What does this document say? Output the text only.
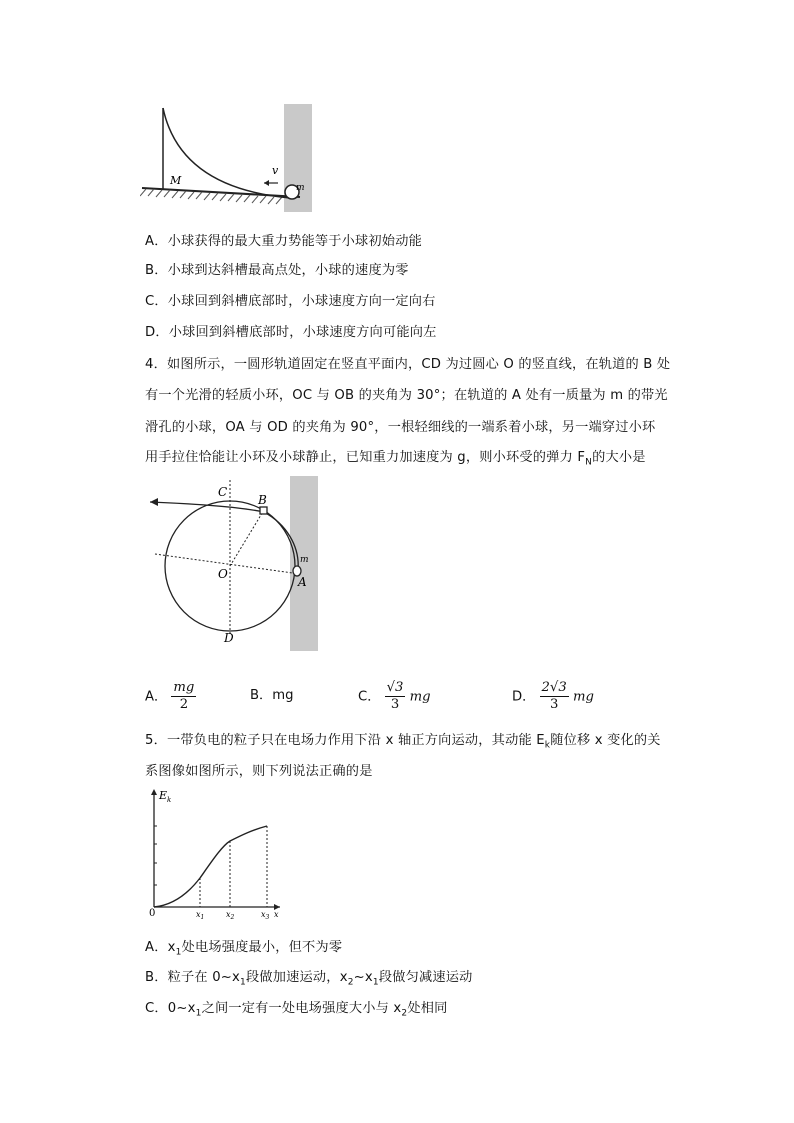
M
v
m
A．小球获得的最大重力势能等于小球初始动能
B．小球到达斜槽最高点处，小球的速度为零
C．小球回到斜槽底部时，小球速度方向一定向右
D．小球回到斜槽底部时，小球速度方向可能向左
4．如图所示，一圆形轨道固定在竖直平面内，CD 为过圆心 O 的竖直线，在轨道的 B 处
有一个光滑的轻质小环，OC 与 OB 的夹角为 30°；在轨道的 A 处有一质量为 m 的带光
滑孔的小球，OA 与 OD 的夹角为 90°，一根轻细线的一端系着小球，另一端穿过小环
用手拉住恰能让小环及小球静止，已知重力加速度为 g，则小环受的弹力 $F_N$的大小是
C
B
O
A
D
m
A． $\frac{mg}{2}$	B．mg	C． $\frac{√3}{3}$ mg	D． $\frac{2√3}{3}$ mg
5．一带负电的粒子只在电场力作用下沿 x 轴正方向运动，其动能 $E_k$随位移 x 变化的关
系图像如图所示，则下列说法正确的是
$E_k$
0	$x_1$	$x_2$	$x_3$ x
A．$x_1$处电场强度最小，但不为零
B．粒子在 $0\sim x_1$段做加速运动，$x_2\sim x_1$段做匀减速运动
C．$0\sim x_1$之间一定有一处电场强度大小与 $x_2$处相同
